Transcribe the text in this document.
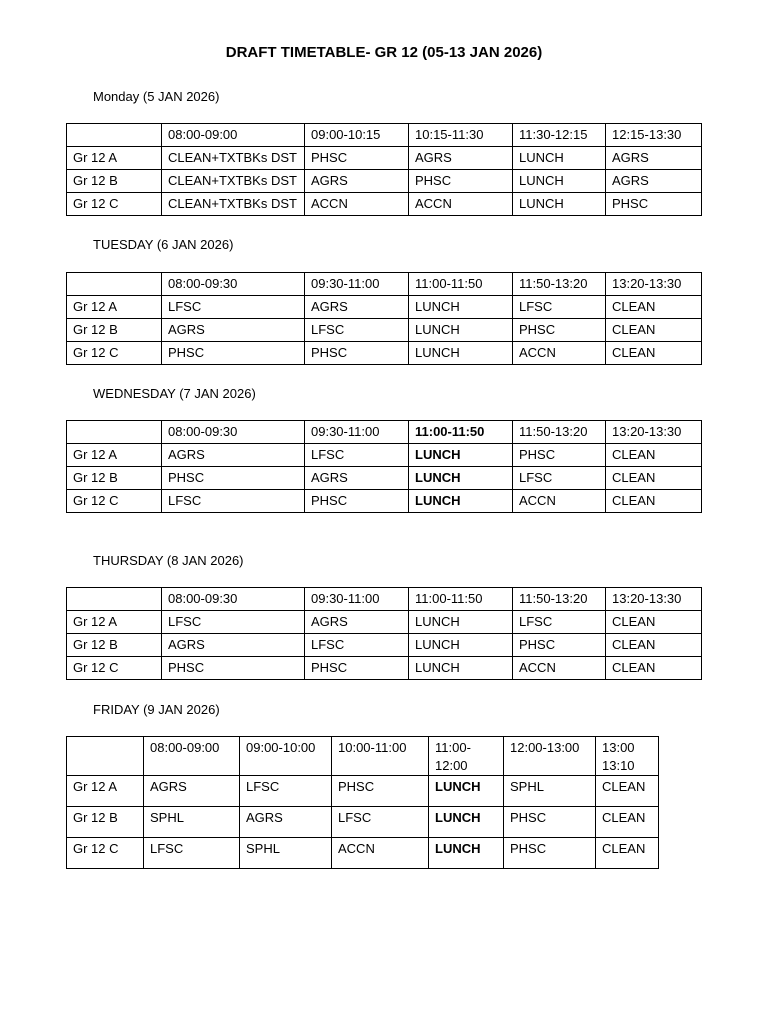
DRAFT TIMETABLE- GR 12 (05-13 JAN 2026)
Monday (5 JAN 2026)
	08:00-09:00	09:00-10:15	10:15-11:30	11:30-12:15	12:15-13:30
Gr 12 A	CLEAN+TXTBKs DST	PHSC	AGRS	LUNCH	AGRS
Gr 12 B	CLEAN+TXTBKs DST	AGRS	PHSC	LUNCH	AGRS
Gr 12 C	CLEAN+TXTBKs DST	ACCN	ACCN	LUNCH	PHSC
TUESDAY (6 JAN 2026)
	08:00-09:30	09:30-11:00	11:00-11:50	11:50-13:20	13:20-13:30
Gr 12 A	LFSC	AGRS	LUNCH	LFSC	CLEAN
Gr 12 B	AGRS	LFSC	LUNCH	PHSC	CLEAN
Gr 12 C	PHSC	PHSC	LUNCH	ACCN	CLEAN
WEDNESDAY (7 JAN 2026)
	08:00-09:30	09:30-11:00	11:00-11:50	11:50-13:20	13:20-13:30
Gr 12 A	AGRS	LFSC	LUNCH	PHSC	CLEAN
Gr 12 B	PHSC	AGRS	LUNCH	LFSC	CLEAN
Gr 12 C	LFSC	PHSC	LUNCH	ACCN	CLEAN
THURSDAY (8 JAN 2026)
	08:00-09:30	09:30-11:00	11:00-11:50	11:50-13:20	13:20-13:30
Gr 12 A	LFSC	AGRS	LUNCH	LFSC	CLEAN
Gr 12 B	AGRS	LFSC	LUNCH	PHSC	CLEAN
Gr 12 C	PHSC	PHSC	LUNCH	ACCN	CLEAN
FRIDAY (9 JAN 2026)
	08:00-09:00	09:00-10:00	10:00-11:00	11:00-12:00	12:00-13:00	13:00 13:10
Gr 12 A	AGRS	LFSC	PHSC	LUNCH	SPHL	CLEAN
Gr 12 B	SPHL	AGRS	LFSC	LUNCH	PHSC	CLEAN
Gr 12 C	LFSC	SPHL	ACCN	LUNCH	PHSC	CLEAN
